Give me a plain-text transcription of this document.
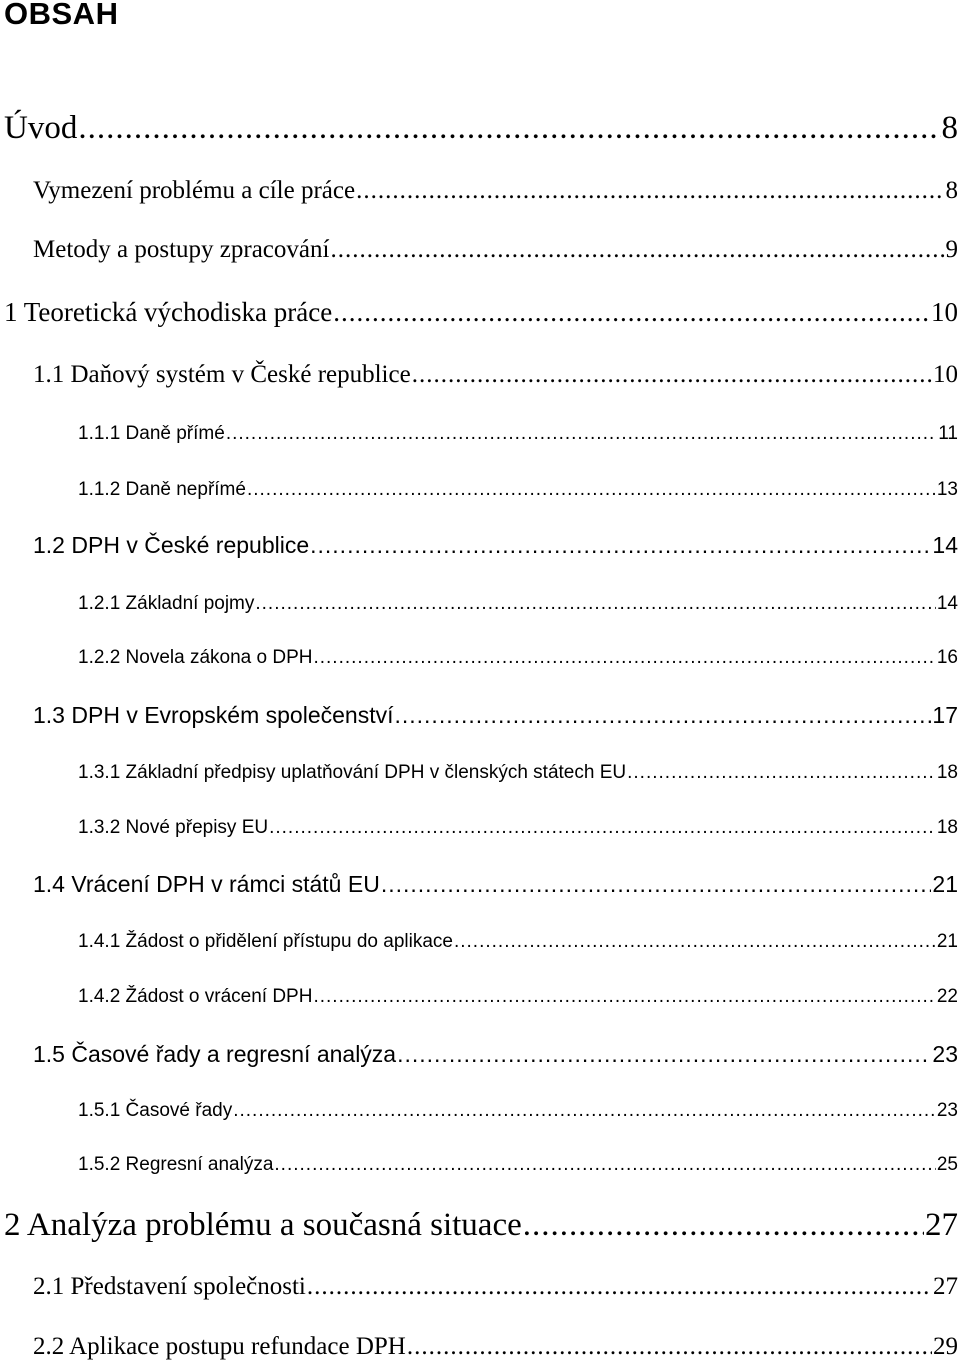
OBSAH
Úvod .....	8
Vymezení problému a cíle práce .....	8
Metody a postupy zpracování .....	9
1 Teoretická východiska práce .....	10
1.1 Daňový systém v České republice .....	10
1.1.1 Daně přímé .....	11
1.1.2 Daně nepřímé .....	13
1.2 DPH v České republice .....	14
1.2.1 Základní pojmy .....	14
1.2.2 Novela zákona o DPH .....	16
1.3 DPH v Evropském společenství .....	17
1.3.1 Základní předpisy uplatňování DPH v členských státech EU .....	18
1.3.2 Nové přepisy EU .....	18
1.4 Vrácení DPH v rámci států EU .....	21
1.4.1 Žádost o přidělení přístupu do aplikace .....	21
1.4.2 Žádost o vrácení DPH .....	22
1.5 Časové řady a regresní analýza .....	23
1.5.1 Časové řady .....	23
1.5.2 Regresní analýza .....	25
2 Analýza problému a současná situace .....	27
2.1 Představení společnosti .....	27
2.2 Aplikace postupu refundace DPH .....	29
